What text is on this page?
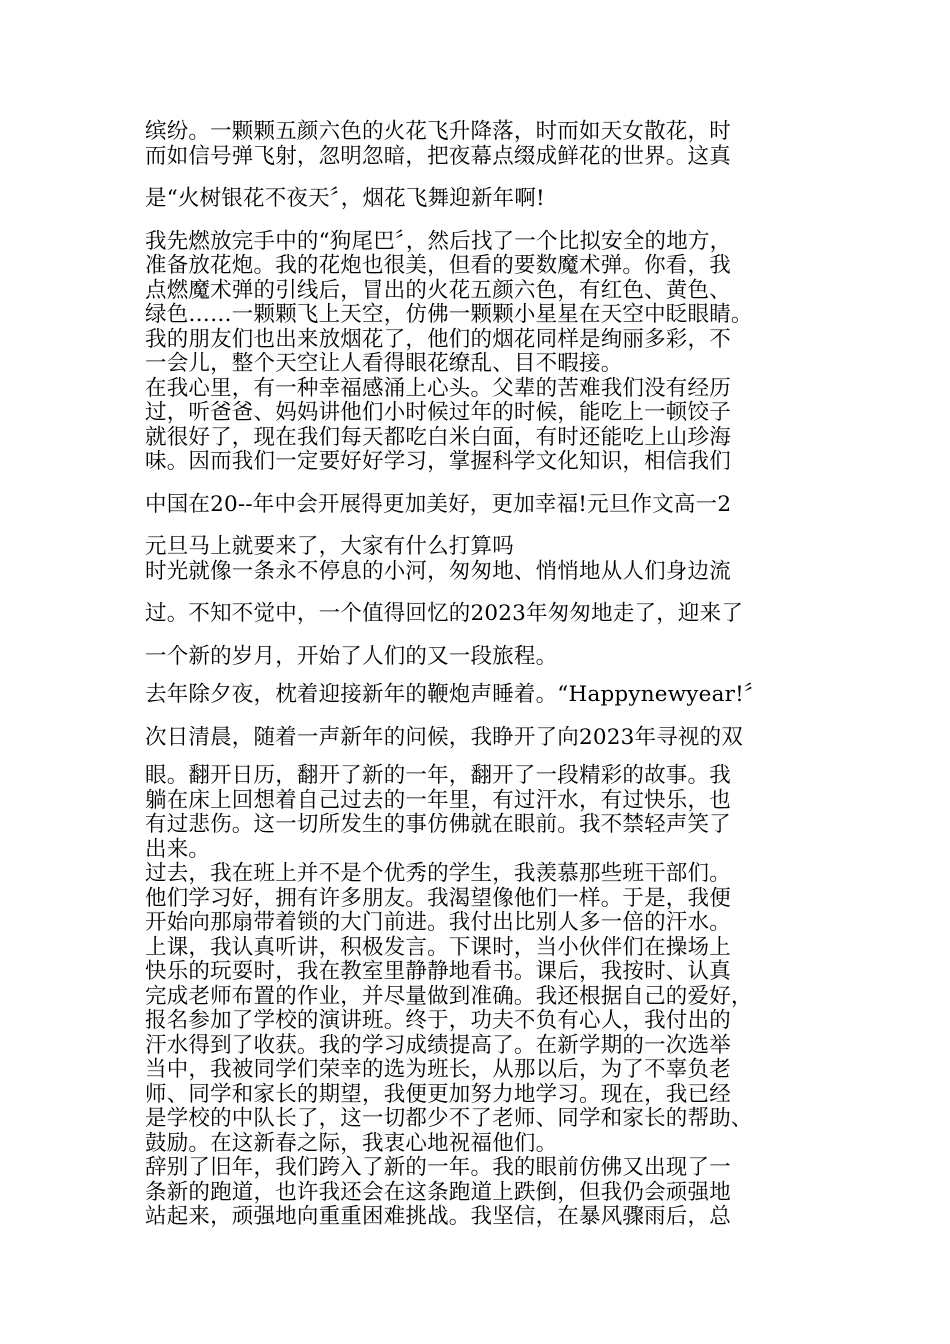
缤纷。一颗颗五颜六色的火花飞升降落，时而如天女散花，时
而如信号弹飞射，忽明忽暗，把夜幕点缀成鲜花的世界。这真
是“火树银花不夜天〞，烟花飞舞迎新年啊!
我先燃放完手中的“狗尾巴〞，然后找了一个比拟安全的地方，
准备放花炮。我的花炮也很美，但看的要数魔术弹。你看，我
点燃魔术弹的引线后，冒出的火花五颜六色，有红色、黄色、
绿色……一颗颗飞上天空，仿佛一颗颗小星星在天空中眨眼睛。
我的朋友们也出来放烟花了，他们的烟花同样是绚丽多彩，不
一会儿，整个天空让人看得眼花缭乱、目不暇接。
在我心里，有一种幸福感涌上心头。父辈的苦难我们没有经历
过，听爸爸、妈妈讲他们小时候过年的时候，能吃上一顿饺子
就很好了，现在我们每天都吃白米白面，有时还能吃上山珍海
味。因而我们一定要好好学习，掌握科学文化知识，相信我们
中国在20--年中会开展得更加美好，更加幸福!元旦作文高一2
元旦马上就要来了，大家有什么打算吗
时光就像一条永不停息的小河，匆匆地、悄悄地从人们身边流
过。不知不觉中，一个值得回忆的2023年匆匆地走了，迎来了
一个新的岁月，开始了人们的又一段旅程。
去年除夕夜，枕着迎接新年的鞭炮声睡着。“Happynewyear!〞
次日清晨，随着一声新年的问候，我睁开了向2023年寻视的双
眼。翻开日历，翻开了新的一年，翻开了一段精彩的故事。我
躺在床上回想着自己过去的一年里，有过汗水，有过快乐，也
有过悲伤。这一切所发生的事仿佛就在眼前。我不禁轻声笑了
出来。
过去，我在班上并不是个优秀的学生，我羡慕那些班干部们。
他们学习好，拥有许多朋友。我渴望像他们一样。于是，我便
开始向那扇带着锁的大门前进。我付出比别人多一倍的汗水。
上课，我认真听讲，积极发言。下课时，当小伙伴们在操场上
快乐的玩耍时，我在教室里静静地看书。课后，我按时、认真
完成老师布置的作业，并尽量做到准确。我还根据自己的爱好，
报名参加了学校的演讲班。终于，功夫不负有心人，我付出的
汗水得到了收获。我的学习成绩提高了。在新学期的一次选举
当中，我被同学们荣幸的选为班长，从那以后，为了不辜负老
师、同学和家长的期望，我便更加努力地学习。现在，我已经
是学校的中队长了，这一切都少不了老师、同学和家长的帮助、
鼓励。在这新春之际，我衷心地祝福他们。
辞别了旧年，我们跨入了新的一年。我的眼前仿佛又出现了一
条新的跑道，也许我还会在这条跑道上跌倒，但我仍会顽强地
站起来，顽强地向重重困难挑战。我坚信，在暴风骤雨后，总
